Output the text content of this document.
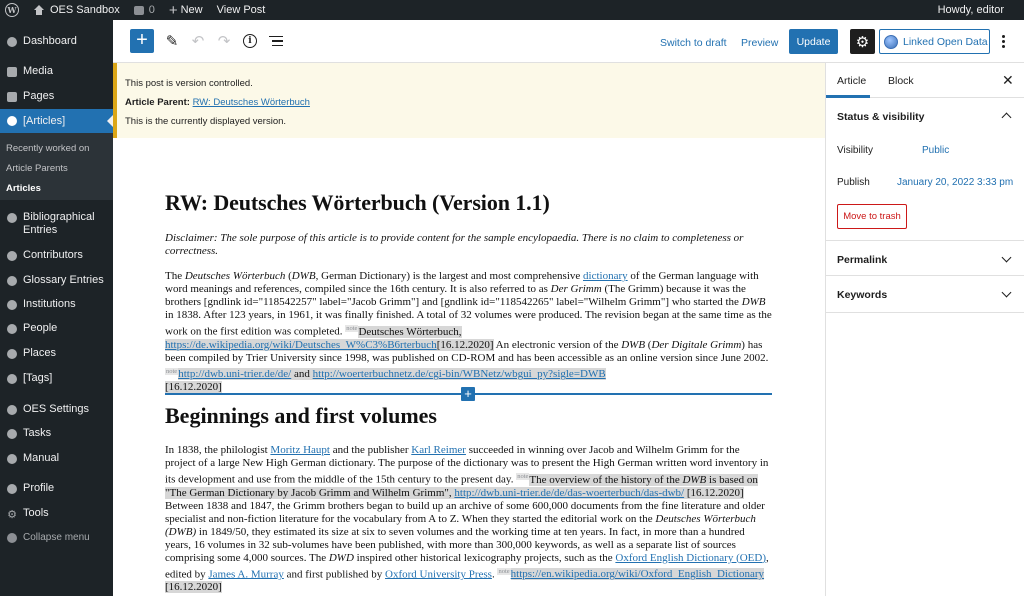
W	OES Sandbox	0 + New View Post	Howdy, editor
Dashboard
Media
Pages
[Articles]
Recently worked on
Article Parents
Articles
Bibliographical
Entries
Contributors
Glossary Entries
Institutions
People
Places
[Tags]
OES Settings
Tasks
Manual
Profile
⚙ Tools
Collapse menu
+	✎ ↶ ↷	i	Switch to draft Preview	Update	⚙	Linked Open Data
This post is version controlled.
Article Parent: RW: Deutsches Wörterbuch
This is the currently displayed version.
RW: Deutsches Wörterbuch (Version 1.1)
Disclaimer: The sole purpose of this article is to provide content for the sample encylopaedia. There is no claim to completeness or correctness.
The Deutsches Wörterbuch (DWB, German Dictionary) is the largest and most comprehensive dictionary of the German language with word meanings and references, compiled since the 16th century. It is also referred to as Der Grimm (The Grimm) because it was the brothers [gndlink id="118542257" label="Jacob Grimm"] and [gndlink id="118542265" label="Wilhelm Grimm"] who started the DWB in 1838. After 123 years, in 1961, it was finally finished. A total of 32 volumes were produced. The revision began at the same time as the work on the first edition was completed. $^{note}$Deutsches Wörterbuch, https://de.wikipedia.org/wiki/Deutsches_W%C3%B6rterbuch[16.12.2020] An electronic version of the DWB (Der Digitale Grimm) has been compiled by Trier University since 1998, was published on CD-ROM and has been accessible as an online version since June 2002. $^{note}$http://dwb.uni-trier.de/de/ and http://woerterbuchnetz.de/cgi-bin/WBNetz/wbgui_py?sigle=DWB
[16.12.2020]	+
Beginnings and first volumes
In 1838, the philologist Moritz Haupt and the publisher Karl Reimer succeeded in winning over Jacob and Wilhelm Grimm for the project of a large New High German dictionary. The purpose of the dictionary was to present the High German written word inventory in its development and use from the middle of the 15th century to the present day. $^{note}$The overview of the history of the DWB is based on "The German Dictionary by Jacob Grimm and Wilhelm Grimm", http://dwb.uni-trier.de/de/das-woerterbuch/das-dwb/ [16.12.2020] Between 1838 and 1847, the Grimm brothers began to build up an archive of some 600,000 documents from the fine literature and older specialist and non-fiction literature for the vocabulary from A to Z. When they started the editorial work on the Deutsches Wörterbuch (DWB) in 1849/50, they estimated its size at six to seven volumes and the working time at ten years. In fact, in more than a hundred years, 16 volumes in 32 sub-volumes have been published, with more than 300,000 keywords, as well as a separate list of sources comprising some 4,000 sources. The DWD inspired other historical lexicography projects, such as the Oxford English Dictionary (OED), edited by James A. Murray and first published by Oxford University Press. $^{note}$https://en.wikipedia.org/wiki/Oxford_English_Dictionary [16.12.2020]
Article Block	✕
Status & visibility
Visibility	Public
Publish	January 20, 2022 3:33 pm
Move to trash
Permalink
Keywords
